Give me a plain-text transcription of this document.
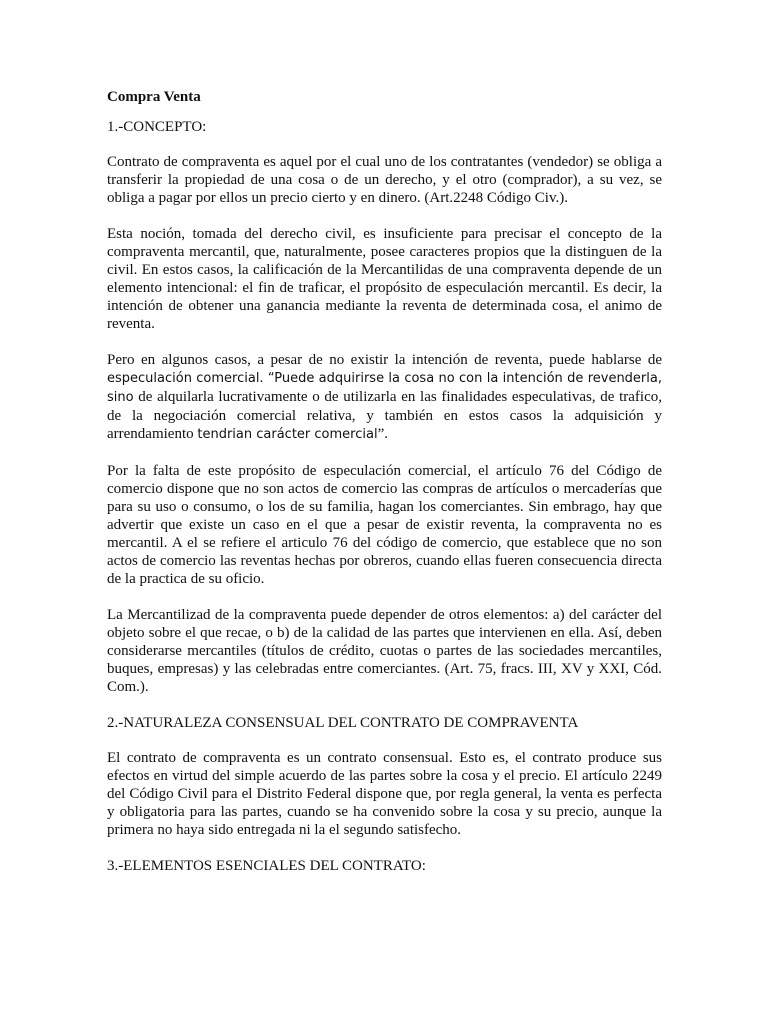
Compra Venta
1.-CONCEPTO:

Contrato de compraventa es aquel por el cual uno de los contratantes (vendedor) se obliga a transferir la propiedad de una cosa o de un derecho, y el otro (comprador), a su vez, se obliga a pagar por ellos un precio cierto y en dinero. (Art.2248 Código Civ.).

Esta noción, tomada del derecho civil, es insuficiente para precisar el concepto de la compraventa mercantil, que, naturalmente, posee caracteres propios que la distinguen de la civil. En estos casos, la calificación de la Mercantilidas de una compraventa depende de un elemento intencional: el fin de traficar, el propósito de especulación mercantil. Es decir, la intención de obtener una ganancia mediante la reventa de determinada cosa, el animo de reventa.

Pero en algunos casos, a pesar de no existir la intención de reventa, puede hablarse de especulación comercial. “Puede adquirirse la cosa no con la intención de revenderla, sino de alquilarla lucrativamente o de utilizarla en las finalidades especulativas, de trafico, de la negociación comercial relativa, y también en estos casos la adquisición y arrendamiento tendrian carácter comercial”.

Por la falta de este propósito de especulación comercial, el artículo 76 del Código de comercio dispone que no son actos de comercio las compras de artículos o mercaderías que para su uso o consumo, o los de su familia, hagan los comerciantes. Sin embrago, hay que advertir que existe un caso en el que a pesar de existir reventa, la compraventa no es mercantil. A el se refiere el articulo 76 del código de comercio, que establece que no son actos de comercio las reventas hechas por obreros, cuando ellas fueren consecuencia directa de la practica de su oficio.

La Mercantilizad de la compraventa puede depender de otros elementos: a) del carácter del objeto sobre el que recae, o b) de la calidad de las partes que intervienen en ella. Así, deben considerarse mercantiles (títulos de crédito, cuotas o partes de las sociedades mercantiles, buques, empresas) y las celebradas entre comerciantes. (Art. 75, fracs. III, XV y XXI, Cód. Com.).

2.-NATURALEZA CONSENSUAL DEL CONTRATO DE COMPRAVENTA

El contrato de compraventa es un contrato consensual. Esto es, el contrato produce sus efectos en virtud del simple acuerdo de las partes sobre la cosa y el precio. El artículo 2249 del Código Civil para el Distrito Federal dispone que, por regla general, la venta es perfecta y obligatoria para las partes, cuando se ha convenido sobre la cosa y su precio, aunque la primera no haya sido entregada ni la el segundo satisfecho.

3.-ELEMENTOS ESENCIALES DEL CONTRATO:
